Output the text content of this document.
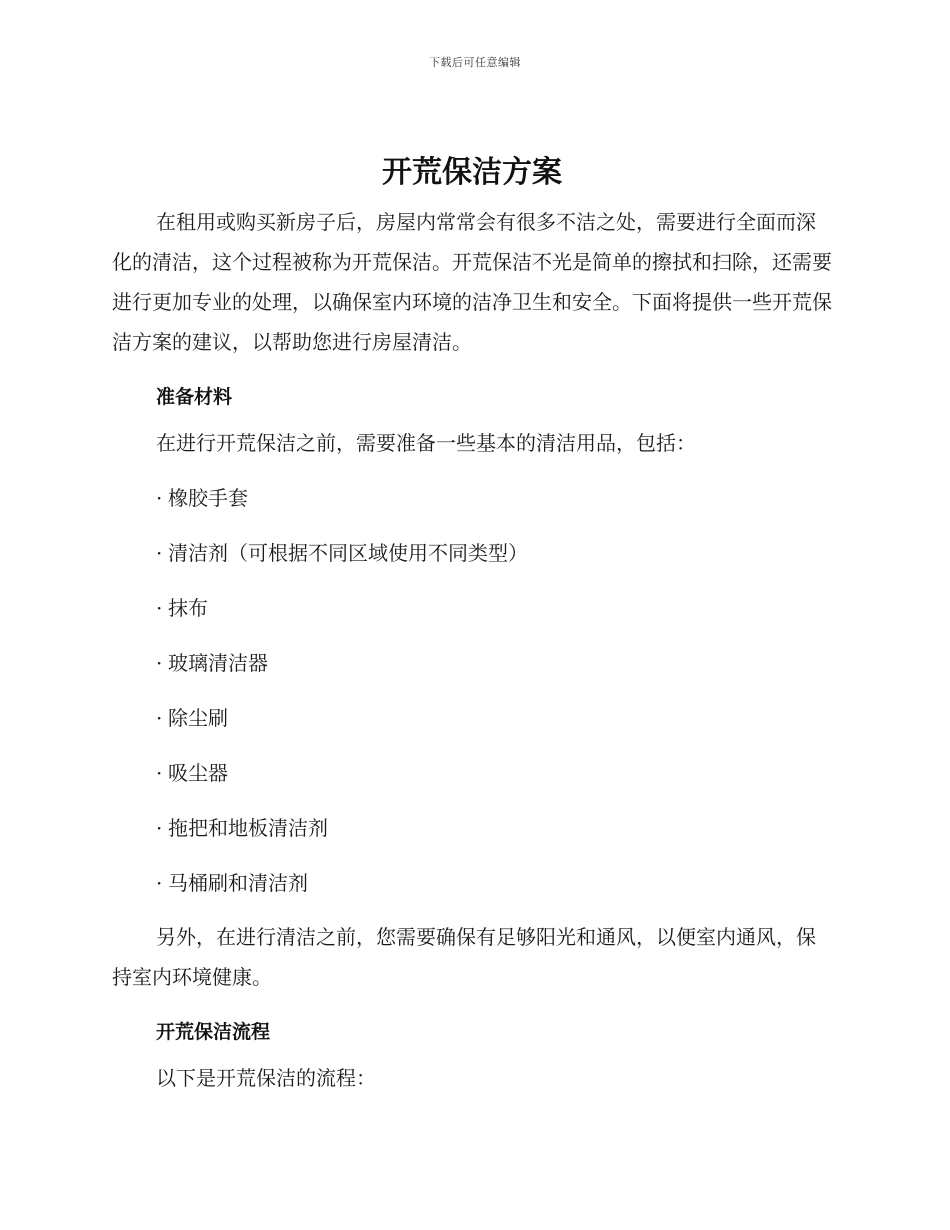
下载后可任意编辑
开荒保洁方案

在租用或购买新房子后，房屋内常常会有很多不洁之处，需要进行全面而深化的清洁，这个过程被称为开荒保洁。开荒保洁不光是简单的擦拭和扫除，还需要进行更加专业的处理，以确保室内环境的洁净卫生和安全。下面将提供一些开荒保洁方案的建议，以帮助您进行房屋清洁。

准备材料
在进行开荒保洁之前，需要准备一些基本的清洁用品，包括：
· 橡胶手套
· 清洁剂（可根据不同区域使用不同类型）
· 抹布
· 玻璃清洁器
· 除尘刷
· 吸尘器
· 拖把和地板清洁剂
· 马桶刷和清洁剂

另外，在进行清洁之前，您需要确保有足够阳光和通风，以便室内通风，保持室内环境健康。

开荒保洁流程
以下是开荒保洁的流程：
